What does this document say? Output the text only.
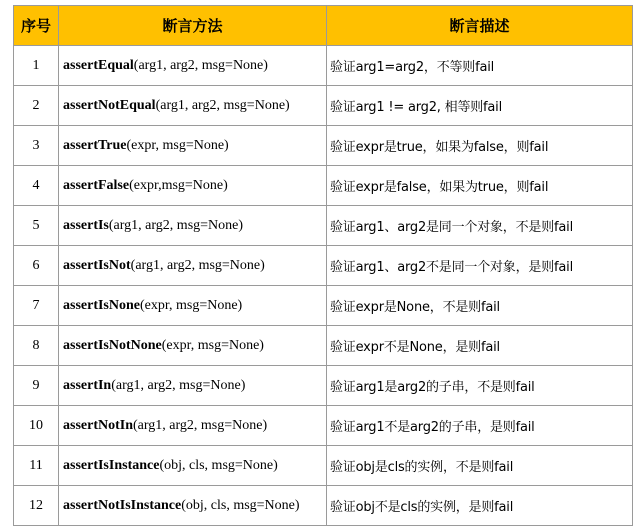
序号	断言方法	断言描述
1	assertEqual(arg1, arg2, msg=None)	验证arg1=arg2，不等则fail
2	assertNotEqual(arg1, arg2, msg=None)	验证arg1 != arg2, 相等则fail
3	assertTrue(expr, msg=None)	验证expr是true，如果为false，则fail
4	assertFalse(expr,msg=None)	验证expr是false，如果为true，则fail
5	assertIs(arg1, arg2, msg=None)	验证arg1、arg2是同一个对象，不是则fail
6	assertIsNot(arg1, arg2, msg=None)	验证arg1、arg2不是同一个对象，是则fail
7	assertIsNone(expr, msg=None)	验证expr是None，不是则fail
8	assertIsNotNone(expr, msg=None)	验证expr不是None，是则fail
9	assertIn(arg1, arg2, msg=None)	验证arg1是arg2的子串，不是则fail
10	assertNotIn(arg1, arg2, msg=None)	验证arg1不是arg2的子串，是则fail
11	assertIsInstance(obj, cls, msg=None)	验证obj是cls的实例，不是则fail
12	assertNotIsInstance(obj, cls, msg=None)	验证obj不是cls的实例，是则fail
